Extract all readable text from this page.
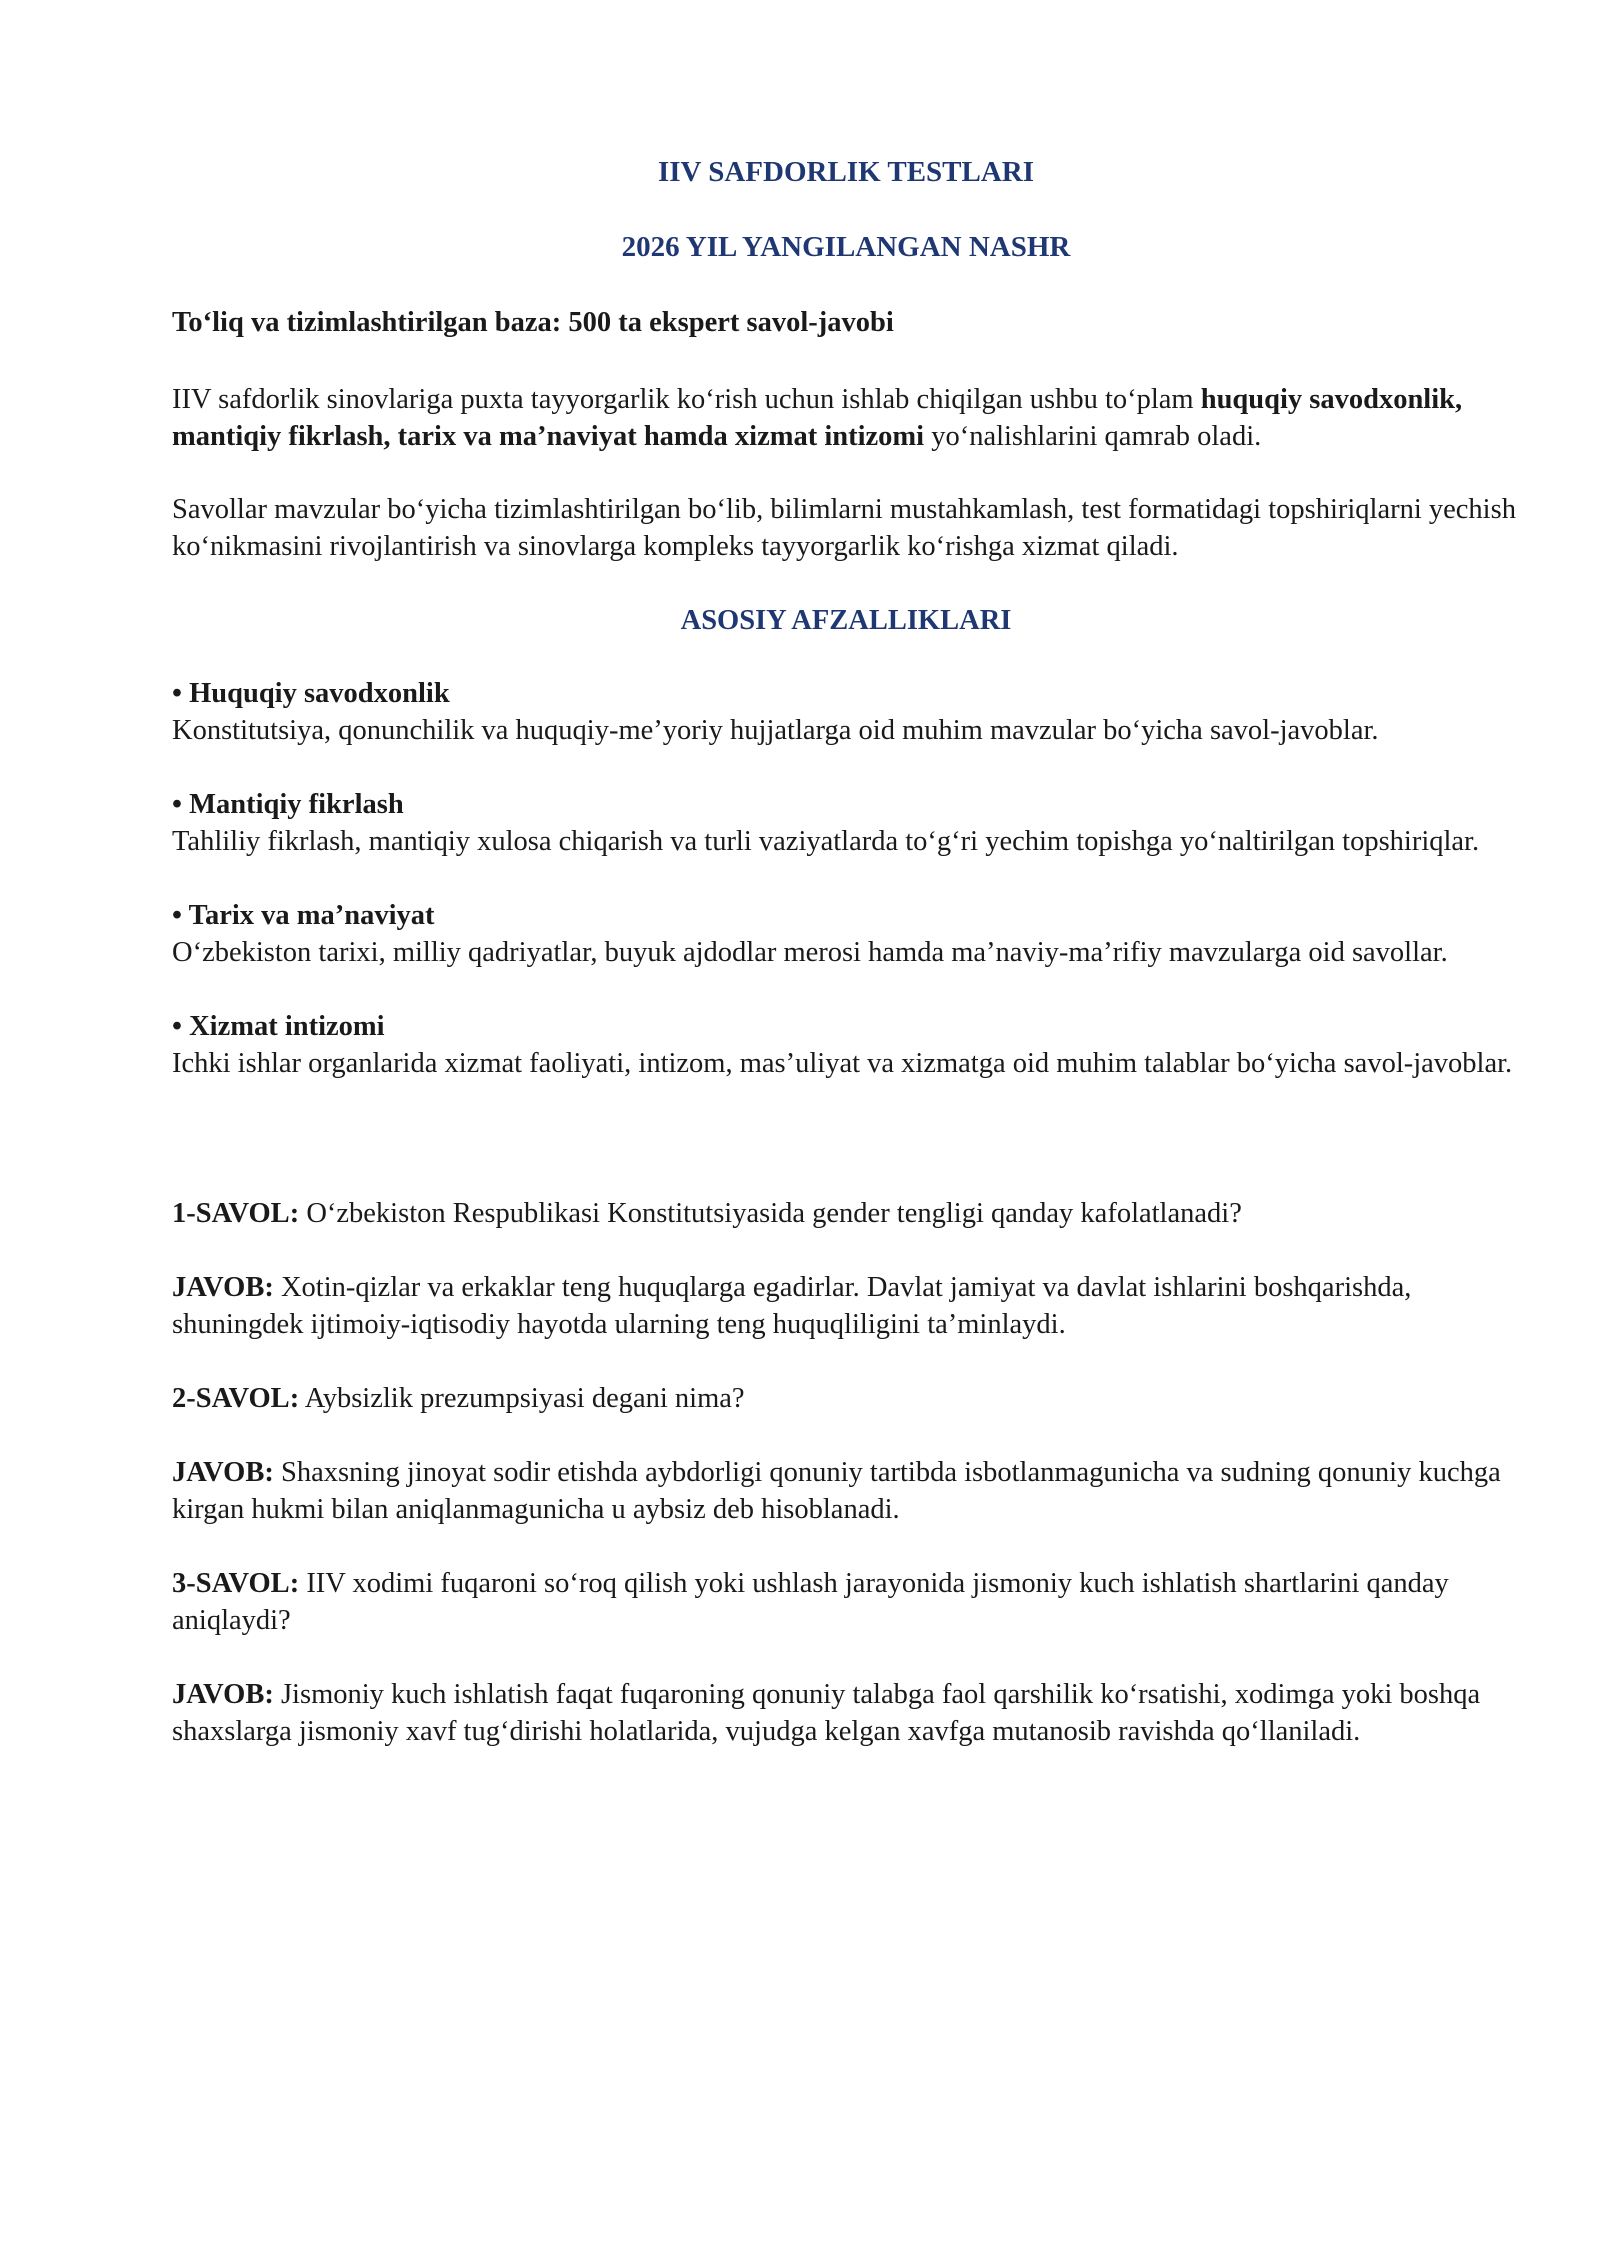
IIV SAFDORLIK TESTLARI
2026 YIL YANGILANGAN NASHR

To‘liq va tizimlashtirilgan baza: 500 ta ekspert savol-javobi

IIV safdorlik sinovlariga puxta tayyorgarlik ko‘rish uchun ishlab chiqilgan ushbu to‘plam huquqiy savodxonlik, mantiqiy fikrlash, tarix va ma’naviyat hamda xizmat intizomi yo‘nalishlarini qamrab oladi.

Savollar mavzular bo‘yicha tizimlashtirilgan bo‘lib, bilimlarni mustahkamlash, test formatidagi topshiriqlarni yechish ko‘nikmasini rivojlantirish va sinovlarga kompleks tayyorgarlik ko‘rishga xizmat qiladi.

ASOSIY AFZALLIKLARI
• Huquqiy savodxonlik
Konstitutsiya, qonunchilik va huquqiy-me’yoriy hujjatlarga oid muhim mavzular bo‘yicha savol-javoblar.
• Mantiqiy fikrlash
Tahliliy fikrlash, mantiqiy xulosa chiqarish va turli vaziyatlarda to‘g‘ri yechim topishga yo‘naltirilgan topshiriqlar.
• Tarix va ma’naviyat
O‘zbekiston tarixi, milliy qadriyatlar, buyuk ajdodlar merosi hamda ma’naviy-ma’rifiy mavzularga oid savollar.
• Xizmat intizomi
Ichki ishlar organlarida xizmat faoliyati, intizom, mas’uliyat va xizmatga oid muhim talablar bo‘yicha savol-javoblar.

1-SAVOL: O‘zbekiston Respublikasi Konstitutsiyasida gender tengligi qanday kafolatlanadi?

JAVOB: Xotin-qizlar va erkaklar teng huquqlarga egadirlar. Davlat jamiyat va davlat ishlarini boshqarishda, shuningdek ijtimoiy-iqtisodiy hayotda ularning teng huquqliligini ta’minlaydi.

2-SAVOL: Aybsizlik prezumpsiyasi degani nima?

JAVOB: Shaxsning jinoyat sodir etishda aybdorligi qonuniy tartibda isbotlanmagunicha va sudning qonuniy kuchga kirgan hukmi bilan aniqlanmagunicha u aybsiz deb hisoblanadi.

3-SAVOL: IIV xodimi fuqaroni so‘roq qilish yoki ushlash jarayonida jismoniy kuch ishlatish shartlarini qanday aniqlaydi?

JAVOB: Jismoniy kuch ishlatish faqat fuqaroning qonuniy talabga faol qarshilik ko‘rsatishi, xodimga yoki boshqa shaxslarga jismoniy xavf tug‘dirishi holatlarida, vujudga kelgan xavfga mutanosib ravishda qo‘llaniladi.
